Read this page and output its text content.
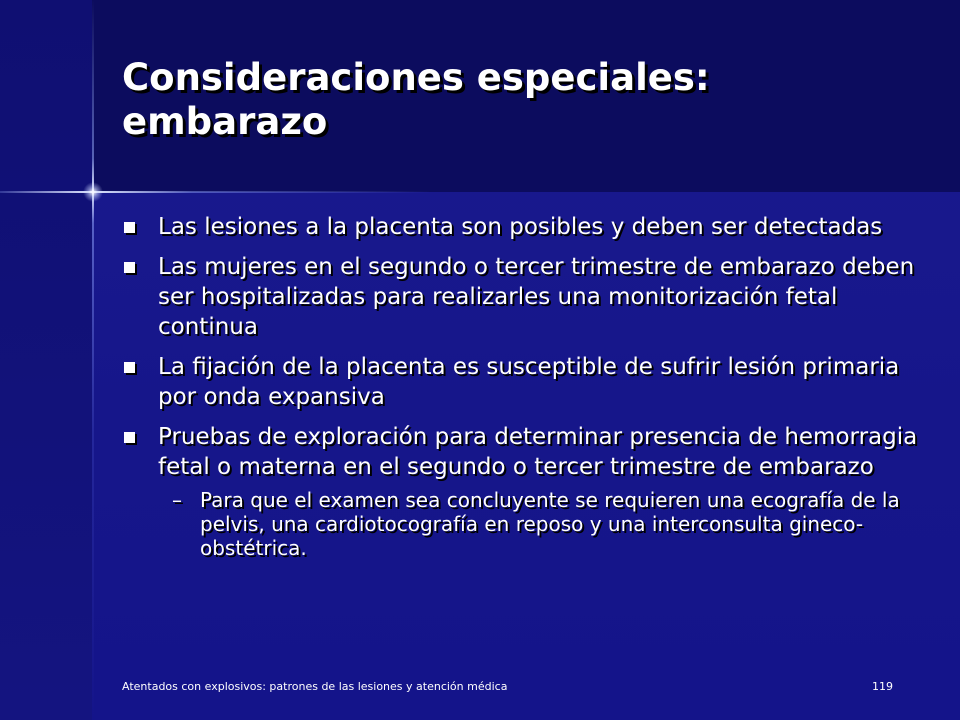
Consideraciones especiales: embarazo
Las lesiones a la placenta son posibles y deben ser detectadas
Las mujeres en el segundo o tercer trimestre de embarazo deben ser hospitalizadas para realizarles una monitorización fetal continua
La fijación de la placenta es susceptible de sufrir lesión primaria por onda expansiva
Pruebas de exploración para determinar presencia de hemorragia fetal o materna en el segundo o tercer trimestre de embarazo
– Para que el examen sea concluyente se requieren una ecografía de la pelvis, una cardiotocografía en reposo y una interconsulta gineco-obstétrica.
Atentados con explosivos: patrones de las lesiones y atención médica	119
